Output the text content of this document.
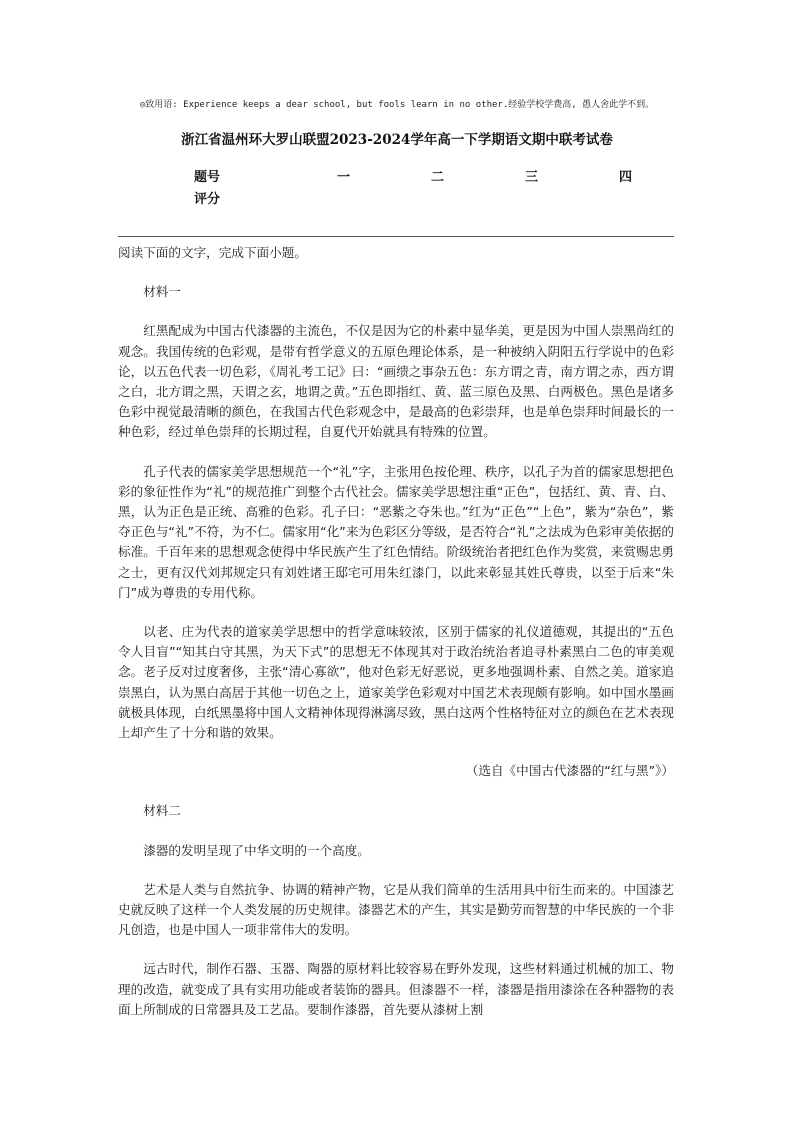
◎致用语: Experience keeps a dear school, but fools learn in no other.经验学校学费高, 愚人舍此学不到。
浙江省温州环大罗山联盟2023-2024学年高一下学期语文期中联考试卷
题号	一	二	三	四
评分

阅读下面的文字，完成下面小题。

材料一

红黑配成为中国古代漆器的主流色，不仅是因为它的朴素中显华美，更是因为中国人崇黑尚红的观念。我国传统的色彩观，是带有哲学意义的五原色理论体系，是一种被纳入阴阳五行学说中的色彩论，以五色代表一切色彩，《周礼考工记》曰：“画缋之事杂五色：东方谓之青，南方谓之赤，西方谓之白，北方谓之黑，天谓之玄，地谓之黄。”五色即指红、黄、蓝三原色及黑、白两极色。黑色是诸多色彩中视觉最清晰的颜色，在我国古代色彩观念中，是最高的色彩崇拜，也是单色崇拜时间最长的一种色彩，经过单色崇拜的长期过程，自夏代开始就具有特殊的位置。

孔子代表的儒家美学思想规范一个“礼”字，主张用色按伦理、秩序，以孔子为首的儒家思想把色彩的象征性作为“礼”的规范推广到整个古代社会。儒家美学思想注重“正色”，包括红、黄、青、白、黑，认为正色是正统、高雅的色彩。孔子曰：“恶紫之夺朱也。”红为“正色”“上色”，紫为“杂色”，紫夺正色与“礼”不符，为不仁。儒家用“化”来为色彩区分等级，是否符合“礼”之法成为色彩审美依据的标准。千百年来的思想观念使得中华民族产生了红色情结。阶级统治者把红色作为奖赏，来赏赐忠勇之士，更有汉代刘邦规定只有刘姓诸王邸宅可用朱红漆门，以此来彰显其姓氏尊贵，以至于后来“朱门”成为尊贵的专用代称。

以老、庄为代表的道家美学思想中的哲学意味较浓，区别于儒家的礼仪道德观，其提出的“五色令人目盲”“知其白守其黑，为天下式”的思想无不体现其对于政治统治者追寻朴素黑白二色的审美观念。老子反对过度奢侈，主张“清心寡欲”，他对色彩无好恶说，更多地强调朴素、自然之美。道家追崇黑白，认为黑白高居于其他一切色之上，道家美学色彩观对中国艺术表现颇有影响。如中国水墨画就极具体现，白纸黑墨将中国人文精神体现得淋漓尽致，黑白这两个性格特征对立的颜色在艺术表现上却产生了十分和谐的效果。

（选自《中国古代漆器的“红与黑”》）

材料二

漆器的发明呈现了中华文明的一个高度。

艺术是人类与自然抗争、协调的精神产物，它是从我们简单的生活用具中衍生而来的。中国漆艺史就反映了这样一个人类发展的历史规律。漆器艺术的产生，其实是勤劳而智慧的中华民族的一个非凡创造，也是中国人一项非常伟大的发明。

远古时代，制作石器、玉器、陶器的原材料比较容易在野外发现，这些材料通过机械的加工、物理的改造，就变成了具有实用功能或者装饰的器具。但漆器不一样，漆器是指用漆涂在各种器物的表面上所制成的日常器具及工艺品。要制作漆器，首先要从漆树上割
